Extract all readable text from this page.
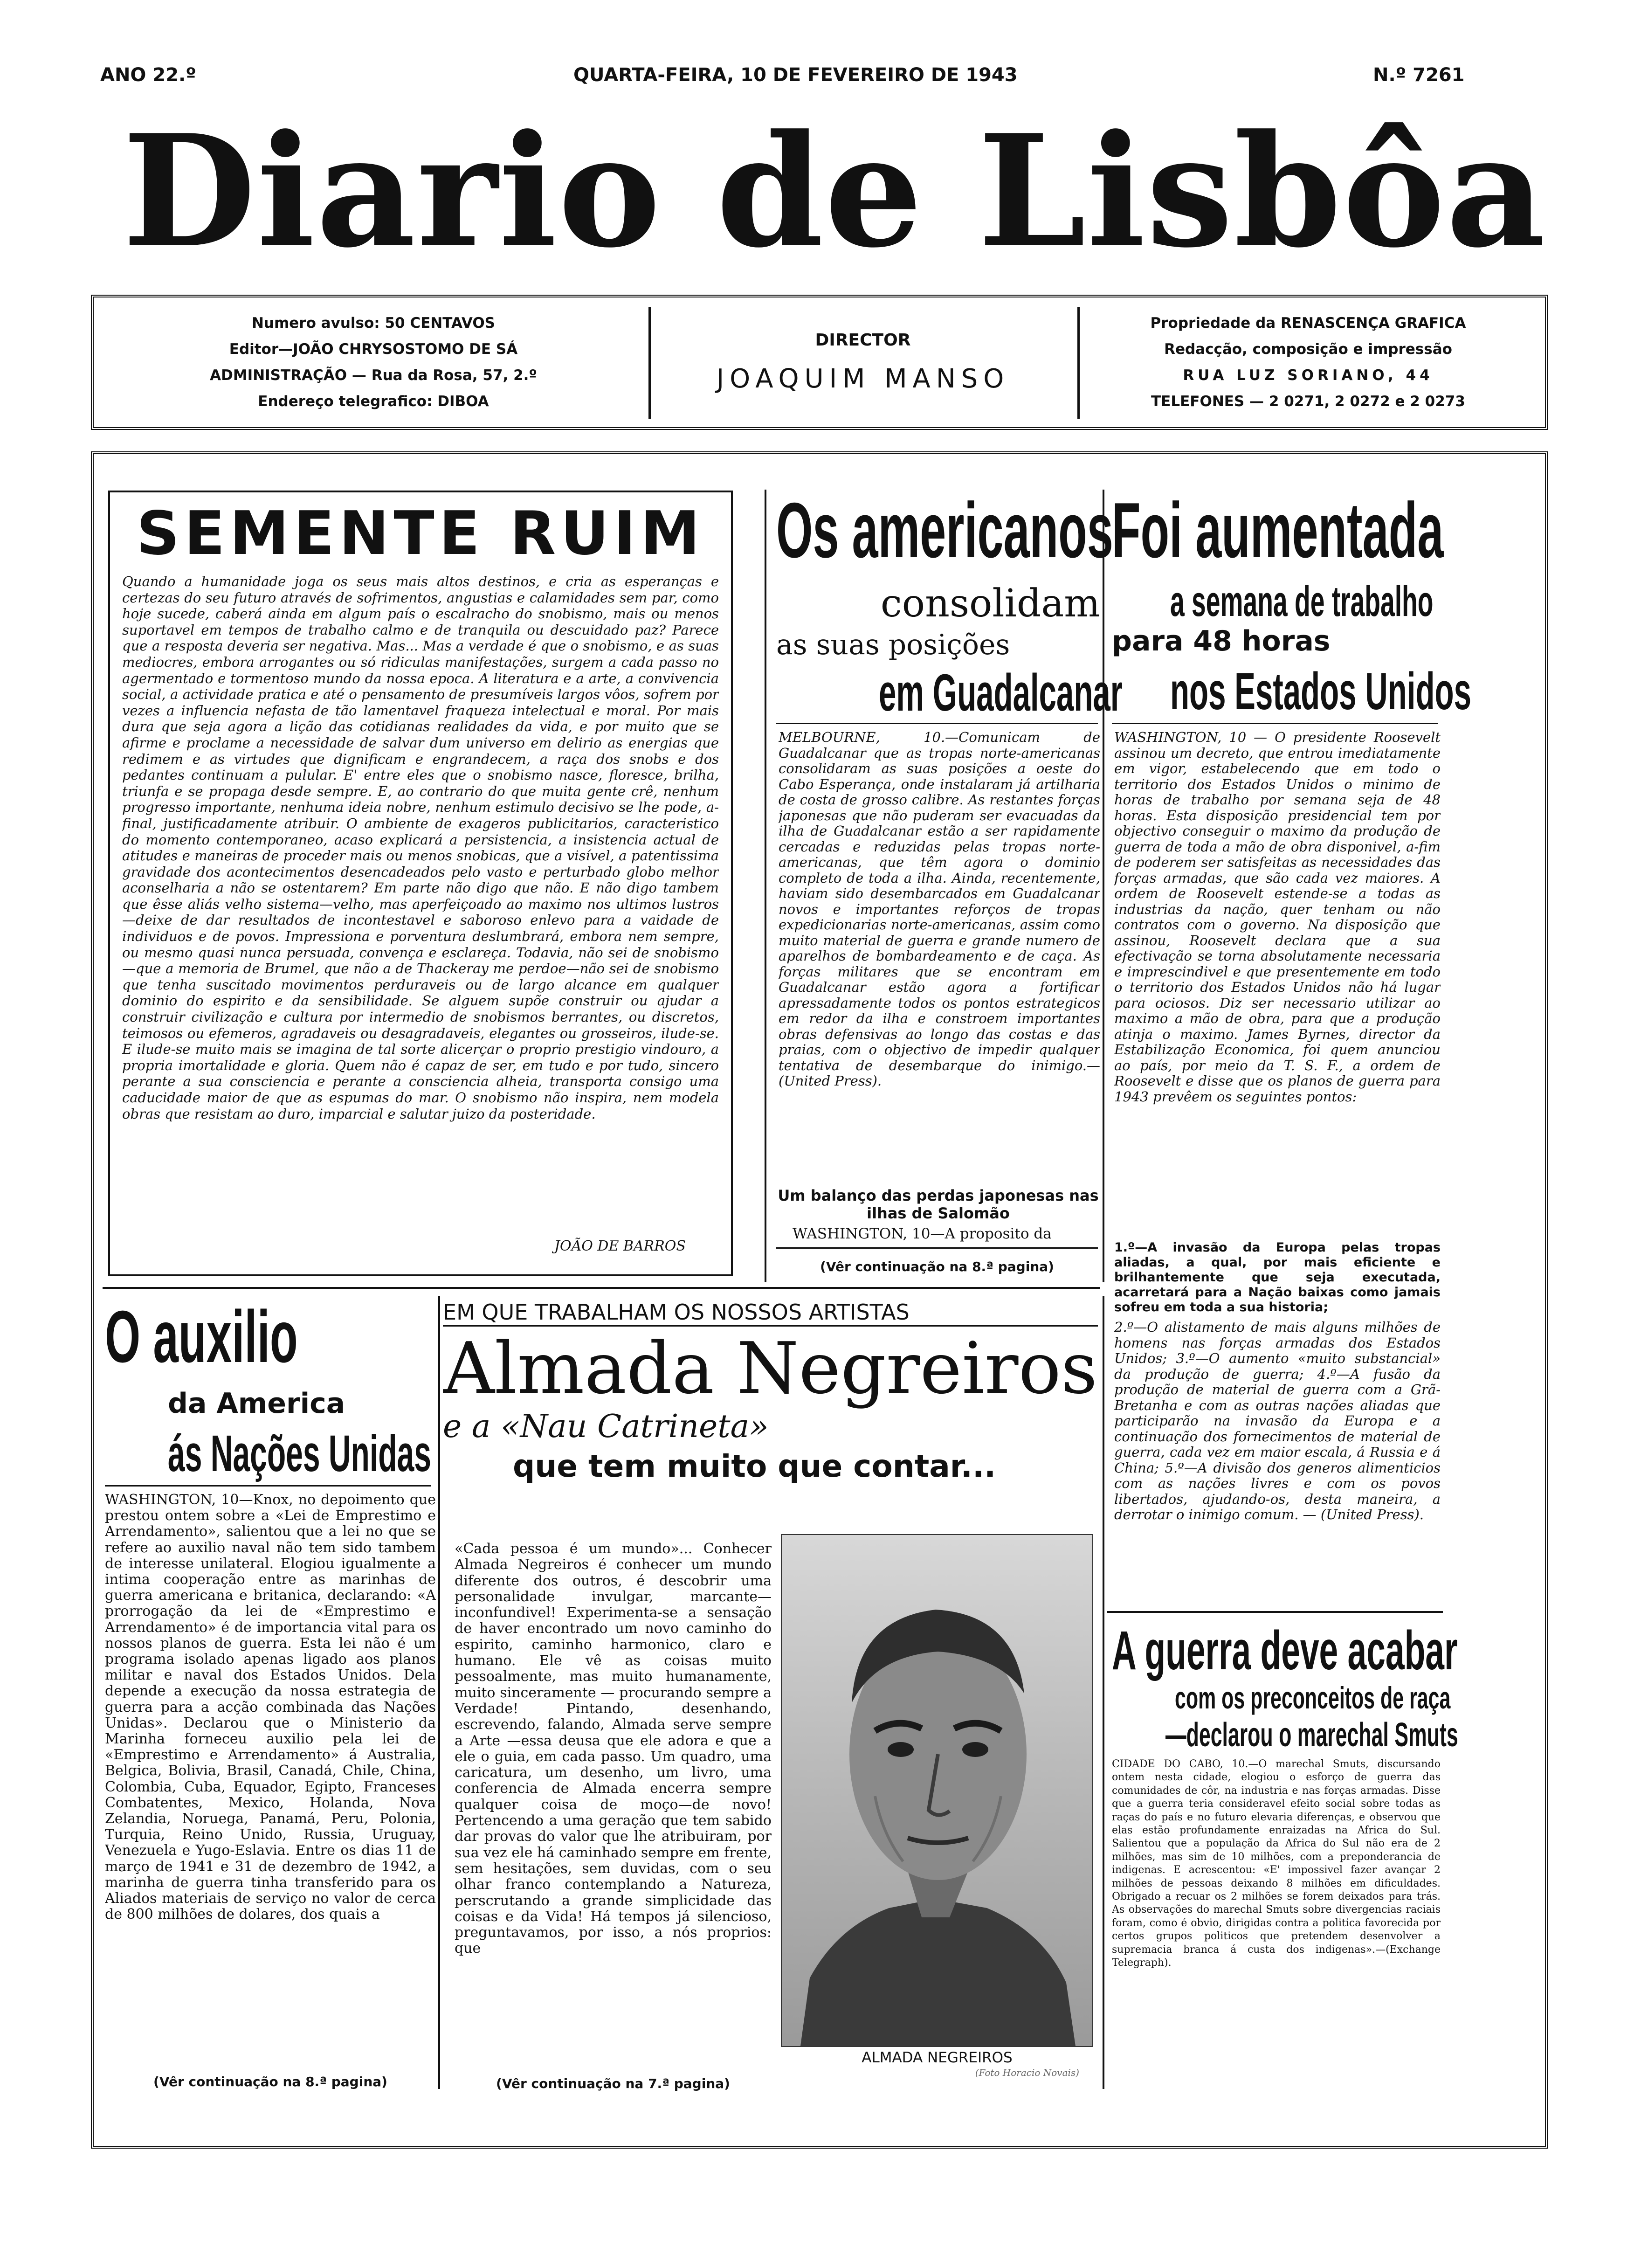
ANO 22.º	QUARTA-FEIRA, 10 DE FEVEREIRO DE 1943	N.º 7261
Diario de Lisbôa
Numero avulso: 50 CENTAVOS
Editor—JOÃO CHRYSOSTOMO DE SÁ
ADMINISTRAÇÃO — Rua da Rosa, 57, 2.º
Endereço telegrafico: DIBOA
DIRECTOR
JOAQUIM MANSO
Propriedade da RENASCENÇA GRAFICA
Redacção, composição e impressão
RUA LUZ SORIANO, 44
TELEFONES — 2 0271, 2 0272 e 2 0273
SEMENTE RUIM
Quando a humanidade joga os seus mais altos destinos, e cria as esperanças e certezas do seu futuro através de sofrimentos, angustias e calamidades sem par, como hoje sucede, caberá ainda em algum país o escalracho do snobismo, mais ou menos suportavel em tempos de trabalho calmo e de tranquila ou descuidado paz? Parece que a resposta deveria ser negativa. Mas... Mas a verdade é que o snobismo, e as suas mediocres, embora arrogantes ou só ridiculas manifestações, surgem a cada passo no agermentado e tormentoso mundo da nossa epoca. A literatura e a arte, a convivencia social, a actividade pratica e até o pensamento de presumíveis largos vôos, sofrem por vezes a influencia nefasta de tão lamentavel fraqueza intelectual e moral. Por mais dura que seja agora a lição das cotidianas realidades da vida, e por muito que se afirme e proclame a necessidade de salvar dum universo em delirio as energias que redimem e as virtudes que dignificam e engrandecem, a raça dos snobs e dos pedantes continuam a pulular. E' entre eles que o snobismo nasce, floresce, brilha, triunfa e se propaga desde sempre. E, ao contrario do que muita gente crê, nenhum progresso importante, nenhuma ideia nobre, nenhum estimulo decisivo se lhe pode, a-final, justificadamente atribuir. O ambiente de exageros publicitarios, caracteristico do momento contemporaneo, acaso explicará a persistencia, a insistencia actual de atitudes e maneiras de proceder mais ou menos snobicas, que a visível, a patentissima gravidade dos acontecimentos desencadeados pelo vasto e perturbado globo melhor aconselharia a não se ostentarem? Em parte não digo que não. E não digo tambem que êsse aliás velho sistema—velho, mas aperfeiçoado ao maximo nos ultimos lustros—deixe de dar resultados de incontestavel e saboroso enlevo para a vaidade de individuos e de povos. Impressiona e porventura deslumbrará, embora nem sempre, ou mesmo quasi nunca persuada, convença e esclareça. Todavia, não sei de snobismo—que a memoria de Brumel, que não a de Thackeray me perdoe—não sei de snobismo que tenha suscitado movimentos perduraveis ou de largo alcance em qualquer dominio do espirito e da sensibilidade. Se alguem supõe construir ou ajudar a construir civilização e cultura por intermedio de snobismos berrantes, ou discretos, teimosos ou efemeros, agradaveis ou desagradaveis, elegantes ou grosseiros, ilude-se. E ilude-se muito mais se imagina de tal sorte alicerçar o proprio prestigio vindouro, a propria imortalidade e gloria. Quem não é capaz de ser, em tudo e por tudo, sincero perante a sua consciencia e perante a consciencia alheia, transporta consigo uma caducidade maior de que as espumas do mar. O snobismo não inspira, nem modela obras que resistam ao duro, imparcial e salutar juizo da posteridade.
JOÃO DE BARROS
Os americanos
consolidam
as suas posições
em Guadalcanar
MELBOURNE, 10.—Comunicam de Guadalcanar que as tropas norte-americanas consolidaram as suas posições a oeste do Cabo Esperança, onde instalaram já artilharia de costa de grosso calibre. As restantes forças japonesas que não puderam ser evacuadas da ilha de Guadalcanar estão a ser rapidamente cercadas e reduzidas pelas tropas norte-americanas, que têm agora o dominio completo de toda a ilha. Ainda, recentemente, haviam sido desembarcados em Guadalcanar novos e importantes reforços de tropas expedicionarias norte-americanas, assim como muito material de guerra e grande numero de aparelhos de bombardeamento e de caça. As forças militares que se encontram em Guadalcanar estão agora a fortificar apressadamente todos os pontos estrategicos em redor da ilha e constroem importantes obras defensivas ao longo das costas e das praias, com o objectivo de impedir qualquer tentativa de desembarque do inimigo.—(United Press).
Um balanço das perdas japonesas nas ilhas de Salomão
WASHINGTON, 10—A proposito da
(Vêr continuação na 8.ª pagina)
Foi aumentada
a semana de trabalho
para 48 horas
nos Estados Unidos
WASHINGTON, 10 — O presidente Roosevelt assinou um decreto, que entrou imediatamente em vigor, estabelecendo que em todo o territorio dos Estados Unidos o minimo de horas de trabalho por semana seja de 48 horas. Esta disposição presidencial tem por objectivo conseguir o maximo da produção de guerra de toda a mão de obra disponivel, a-fim de poderem ser satisfeitas as necessidades das forças armadas, que são cada vez maiores. A ordem de Roosevelt estende-se a todas as industrias da nação, quer tenham ou não contratos com o governo. Na disposição que assinou, Roosevelt declara que a sua efectivação se torna absolutamente necessaria e imprescindivel e que presentemente em todo o territorio dos Estados Unidos não há lugar para ociosos. Diz ser necessario utilizar ao maximo a mão de obra, para que a produção atinja o maximo. James Byrnes, director da Estabilização Economica, foi quem anunciou ao país, por meio da T. S. F., a ordem de Roosevelt e disse que os planos de guerra para 1943 prevêem os seguintes pontos:
1.º—A invasão da Europa pelas tropas aliadas, a qual, por mais eficiente e brilhantemente que seja executada, acarretará para a Nação baixas como jamais sofreu em toda a sua historia;
2.º—O alistamento de mais alguns milhões de homens nas forças armadas dos Estados Unidos; 3.º—O aumento «muito substancial» da produção de guerra; 4.º—A fusão da produção de material de guerra com a Grã-Bretanha e com as outras nações aliadas que participarão na invasão da Europa e a continuação dos fornecimentos de material de guerra, cada vez em maior escala, á Russia e á China; 5.º—A divisão dos generos alimenticios com as nações livres e com os povos libertados, ajudando-os, desta maneira, a derrotar o inimigo comum. — (United Press).
O auxilio
da America
ás Nações Unidas
WASHINGTON, 10—Knox, no depoimento que prestou ontem sobre a «Lei de Emprestimo e Arrendamento», salientou que a lei no que se refere ao auxilio naval não tem sido tambem de interesse unilateral. Elogiou igualmente a intima cooperação entre as marinhas de guerra americana e britanica, declarando: «A prorrogação da lei de «Emprestimo e Arrendamento» é de importancia vital para os nossos planos de guerra. Esta lei não é um programa isolado apenas ligado aos planos militar e naval dos Estados Unidos. Dela depende a execução da nossa estrategia de guerra para a acção combinada das Nações Unidas». Declarou que o Ministerio da Marinha forneceu auxilio pela lei de «Emprestimo e Arrendamento» á Australia, Belgica, Bolivia, Brasil, Canadá, Chile, China, Colombia, Cuba, Equador, Egipto, Franceses Combatentes, Mexico, Holanda, Nova Zelandia, Noruega, Panamá, Peru, Polonia, Turquia, Reino Unido, Russia, Uruguay, Venezuela e Yugo-Eslavia. Entre os dias 11 de março de 1941 e 31 de dezembro de 1942, a marinha de guerra tinha transferido para os Aliados materiais de serviço no valor de cerca de 800 milhões de dolares, dos quais a
(Vêr continuação na 8.ª pagina)
EM QUE TRABALHAM OS NOSSOS ARTISTAS
Almada Negreiros
e a «Nau Catrineta»
que tem muito que contar...
«Cada pessoa é um mundo»... Conhecer Almada Negreiros é conhecer um mundo diferente dos outros, é descobrir uma personalidade invulgar, marcante—inconfundivel! Experimenta-se a sensação de haver encontrado um novo caminho do espirito, caminho harmonico, claro e humano. Ele vê as coisas muito pessoalmente, mas muito humanamente, muito sinceramente — procurando sempre a Verdade! Pintando, desenhando, escrevendo, falando, Almada serve sempre a Arte —essa deusa que ele adora e que a ele o guia, em cada passo. Um quadro, uma caricatura, um desenho, um livro, uma conferencia de Almada encerra sempre qualquer coisa de moço—de novo! Pertencendo a uma geração que tem sabido dar provas do valor que lhe atribuiram, por sua vez ele há caminhado sempre em frente, sem hesitações, sem duvidas, com o seu olhar franco contemplando a Natureza, perscrutando a grande simplicidade das coisas e da Vida! Há tempos já silencioso, preguntavamos, por isso, a nós proprios: que
ALMADA NEGREIROS
(Foto Horacio Novais)
(Vêr continuação na 7.ª pagina)
A guerra deve acabar
com os preconceitos de raça
—declarou o marechal Smuts
CIDADE DO CABO, 10.—O marechal Smuts, discursando ontem nesta cidade, elogiou o esforço de guerra das comunidades de côr, na industria e nas forças armadas. Disse que a guerra teria consideravel efeito social sobre todas as raças do país e no futuro elevaria diferenças, e observou que elas estão profundamente enraizadas na Africa do Sul. Salientou que a população da Africa do Sul não era de 2 milhões, mas sim de 10 milhões, com a preponderancia de indigenas. E acrescentou: «E' impossivel fazer avançar 2 milhões de pessoas deixando 8 milhões em dificuldades. Obrigado a recuar os 2 milhões se forem deixados para trás. As observações do marechal Smuts sobre divergencias raciais foram, como é obvio, dirigidas contra a politica favorecida por certos grupos politicos que pretendem desenvolver a supremacia branca á custa dos indigenas».—(Exchange Telegraph).
